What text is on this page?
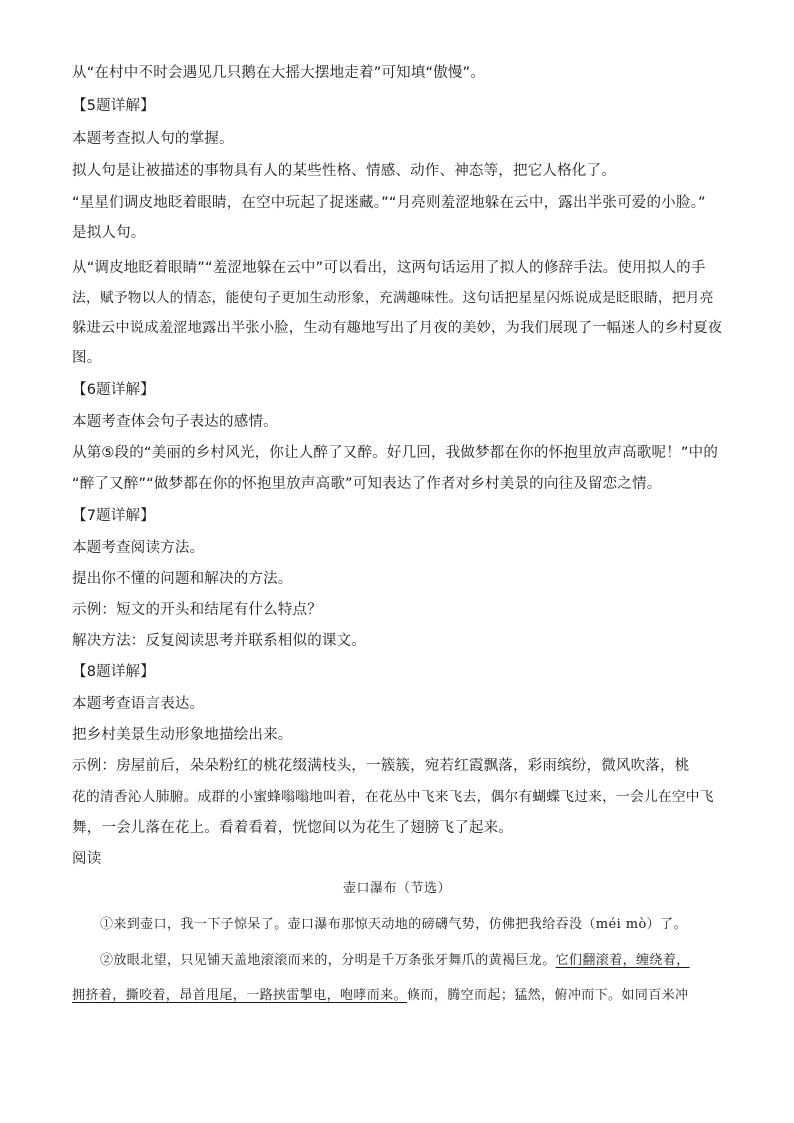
从“在村中不时会遇见几只鹅在大摇大摆地走着”可知填“傲慢”。
【5题详解】
本题考查拟人句的掌握。
拟人句是让被描述的事物具有人的某些性格、情感、动作、神态等，把它人格化了。
“星星们调皮地眨着眼睛，在空中玩起了捉迷藏。”“月亮则羞涩地躲在云中，露出半张可爱的小脸。”
是拟人句。
从“调皮地眨着眼睛”“羞涩地躲在云中”可以看出，这两句话运用了拟人的修辞手法。使用拟人的手
法，赋予物以人的情态，能使句子更加生动形象，充满趣味性。这句话把星星闪烁说成是眨眼睛，把月亮
躲进云中说成羞涩地露出半张小脸，生动有趣地写出了月夜的美妙，为我们展现了一幅迷人的乡村夏夜
图。
【6题详解】
本题考查体会句子表达的感情。
从第⑤段的“美丽的乡村风光，你让人醉了又醉。好几回，我做梦都在你的怀抱里放声高歌呢！”中的
“醉了又醉”“做梦都在你的怀抱里放声高歌”可知表达了作者对乡村美景的向往及留恋之情。
【7题详解】
本题考查阅读方法。
提出你不懂的问题和解决的方法。
示例：短文的开头和结尾有什么特点？
解决方法：反复阅读思考并联系相似的课文。
【8题详解】
本题考查语言表达。
把乡村美景生动形象地描绘出来。
示例：房屋前后，朵朵粉红的桃花缀满枝头，一簇簇，宛若红霞飘落，彩雨缤纷，微风吹落，桃
花的清香沁人肺腑。成群的小蜜蜂嗡嗡地叫着，在花丛中飞来飞去，偶尔有蝴蝶飞过来，一会儿在空中飞
舞，一会儿落在花上。看着看着，恍惚间以为花生了翅膀飞了起来。
阅读
壶口瀑布（节选）
①来到壶口，我一下子惊呆了。壶口瀑布那惊天动地的磅礴气势，仿佛把我给吞没（méi mò）了。
②放眼北望，只见铺天盖地滚滚而来的，分明是千万条张牙舞爪的黄褐巨龙。它们翻滚着，缠绕着，
拥挤着，撕咬着，昂首甩尾，一路挟雷掣电，咆哮而来。倏而，腾空而起；猛然，俯冲而下。如同百米冲
